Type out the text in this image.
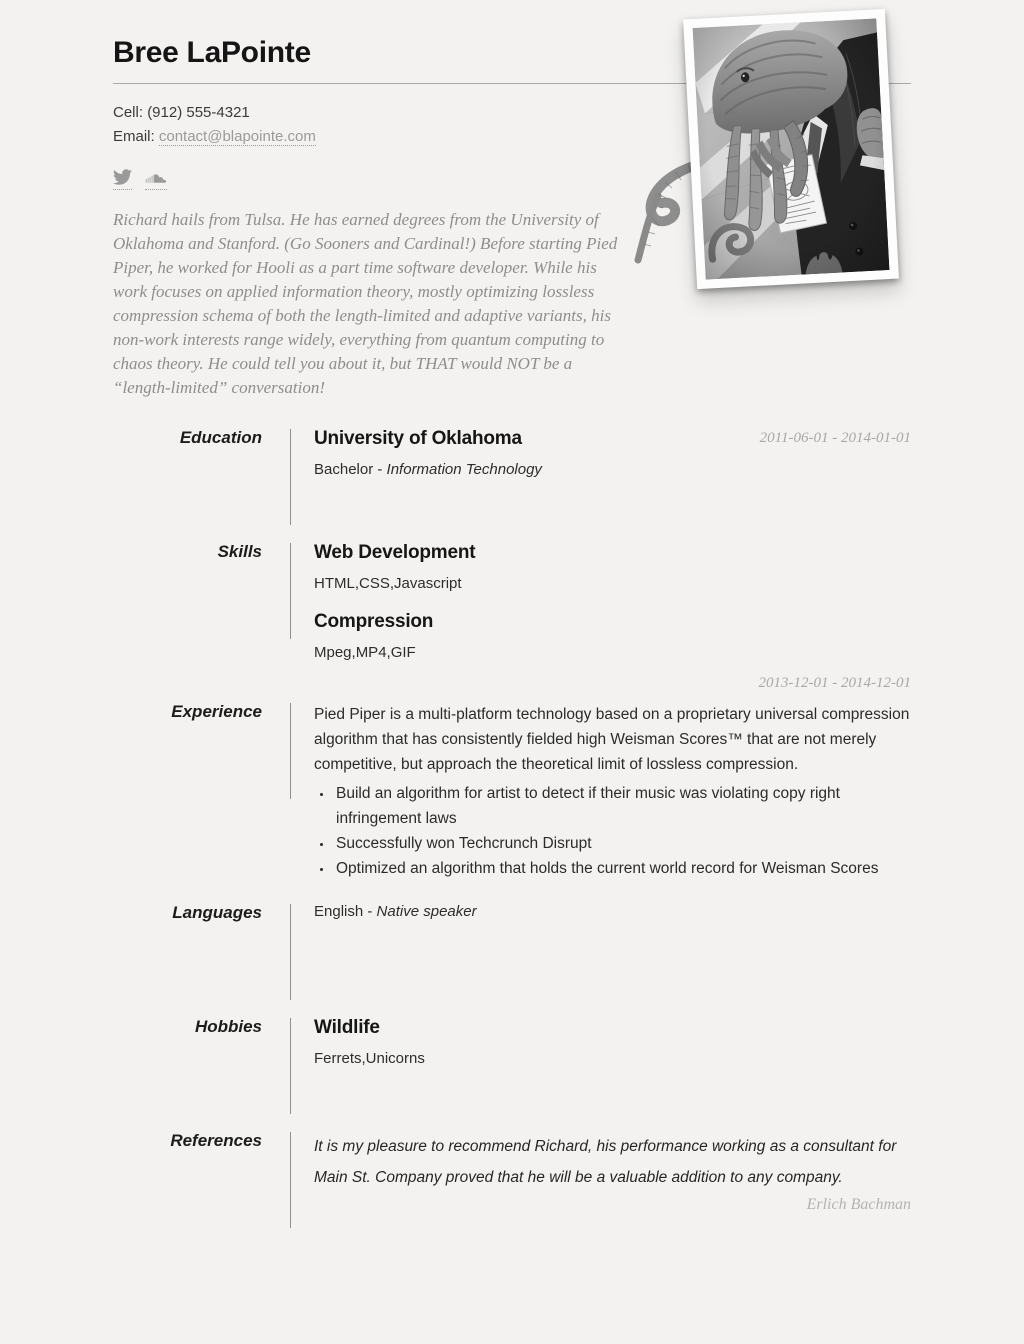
Bree LaPointe
Cell: (912) 555-4321
Email: contact@blapointe.com

Richard hails from Tulsa. He has earned degrees from the University of Oklahoma and Stanford. (Go Sooners and Cardinal!) Before starting Pied Piper, he worked for Hooli as a part time software developer. While his work focuses on applied information theory, mostly optimizing lossless compression schema of both the length-limited and adaptive variants, his non-work interests range widely, everything from quantum computing to chaos theory. He could tell you about it, but THAT would NOT be a “length-limited” conversation!

Education	2011-06-01 - 2014-01-01
University of Oklahoma
Bachelor - Information Technology
Skills	Web Development
HTML,CSS,Javascript
Compression
Mpeg,MP4,GIF
2013-12-01 - 2014-12-01
Experience	Pied Piper is a multi-platform technology based on a proprietary universal compression algorithm that has consistently fielded high Weisman Scores™ that are not merely competitive, but approach the theoretical limit of lossless compression.

• Build an algorithm for artist to detect if their music was violating copy right infringement laws
• Successfully won Techcrunch Disrupt
• Optimized an algorithm that holds the current world record for Weisman Scores
Languages	English - Native speaker
Hobbies	Wildlife
Ferrets,Unicorns
References	It is my pleasure to recommend Richard, his performance working as a consultant for Main St. Company proved that he will be a valuable addition to any company.

Erlich Bachman
